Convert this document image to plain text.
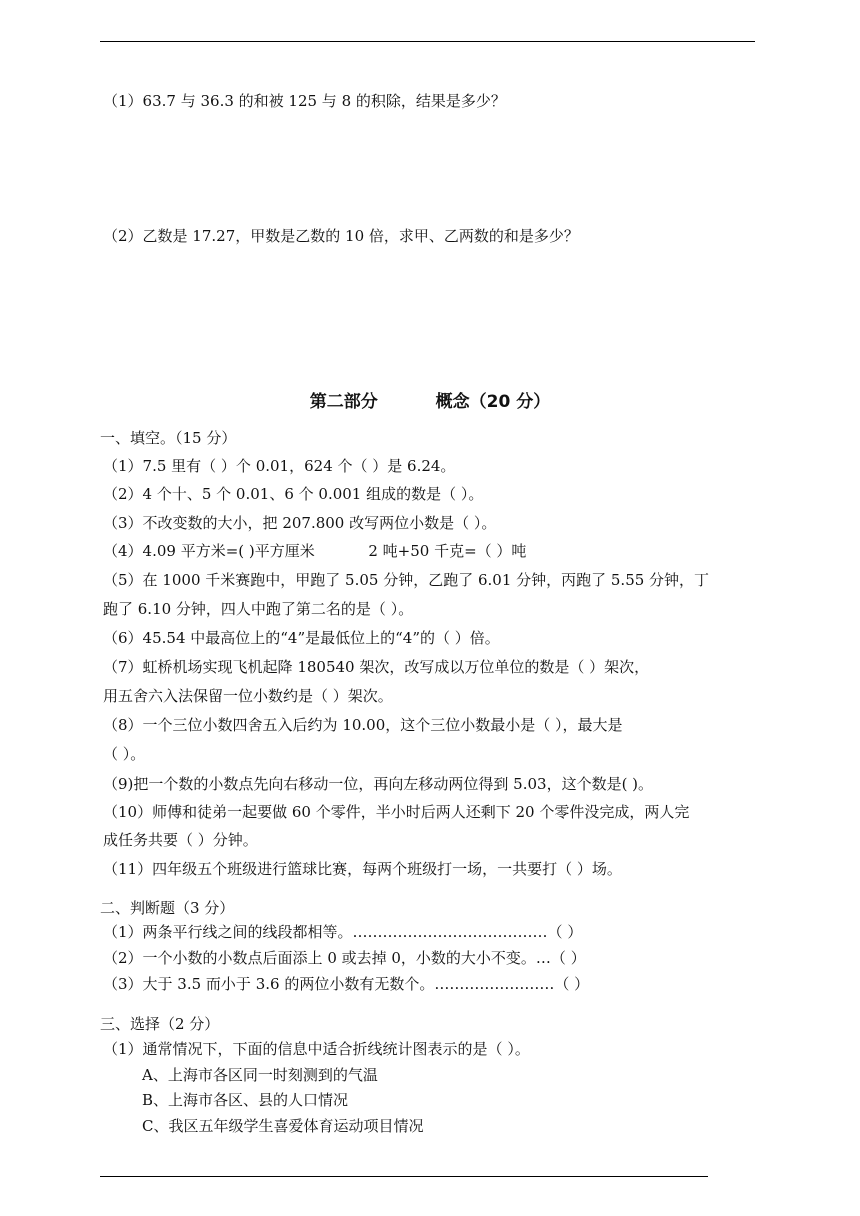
（1）63.7 与 36.3 的和被 125 与 8 的积除，结果是多少？
（2）乙数是 17.27，甲数是乙数的 10 倍，求甲、乙两数的和是多少？
第二部分	概念（20 分）
一、填空。（15 分）
（1）7.5 里有（ ）个 0.01，624 个（ ）是 6.24。
（2）4 个十、5 个 0.01、6 个 0.001 组成的数是（ ）。
（3）不改变数的大小，把 207.800 改写两位小数是（ ）。
（4）4.09 平方米=( )平方厘米	2 吨+50 千克=（ ）吨
（5）在 1000 千米赛跑中，甲跑了 5.05 分钟，乙跑了 6.01 分钟，丙跑了 5.55 分钟，丁
跑了 6.10 分钟，四人中跑了第二名的是（ ）。
（6）45.54 中最高位上的“4”是最低位上的“4”的（ ）倍。
（7）虹桥机场实现飞机起降 180540 架次，改写成以万位单位的数是（ ）架次，
用五舍六入法保留一位小数约是（ ）架次。
（8）一个三位小数四舍五入后约为 10.00，这个三位小数最小是（ ），最大是
（ ）。
（9)把一个数的小数点先向右移动一位，再向左移动两位得到 5.03，这个数是( )。
（10）师傅和徒弟一起要做 60 个零件，半小时后两人还剩下 20 个零件没完成，两人完
成任务共要（ ）分钟。
（11）四年级五个班级进行篮球比赛，每两个班级打一场，一共要打（ ）场。
二、判断题（3 分）
（1）两条平行线之间的线段都相等。…………………………………（ ）
（2）一个小数的小数点后面添上 0 或去掉 0，小数的大小不变。…（ ）
（3）大于 3.5 而小于 3.6 的两位小数有无数个。……………………（ ）
三、选择（2 分）
（1）通常情况下，下面的信息中适合折线统计图表示的是（ ）。
A、上海市各区同一时刻测到的气温
B、上海市各区、县的人口情况
C、我区五年级学生喜爱体育运动项目情况
